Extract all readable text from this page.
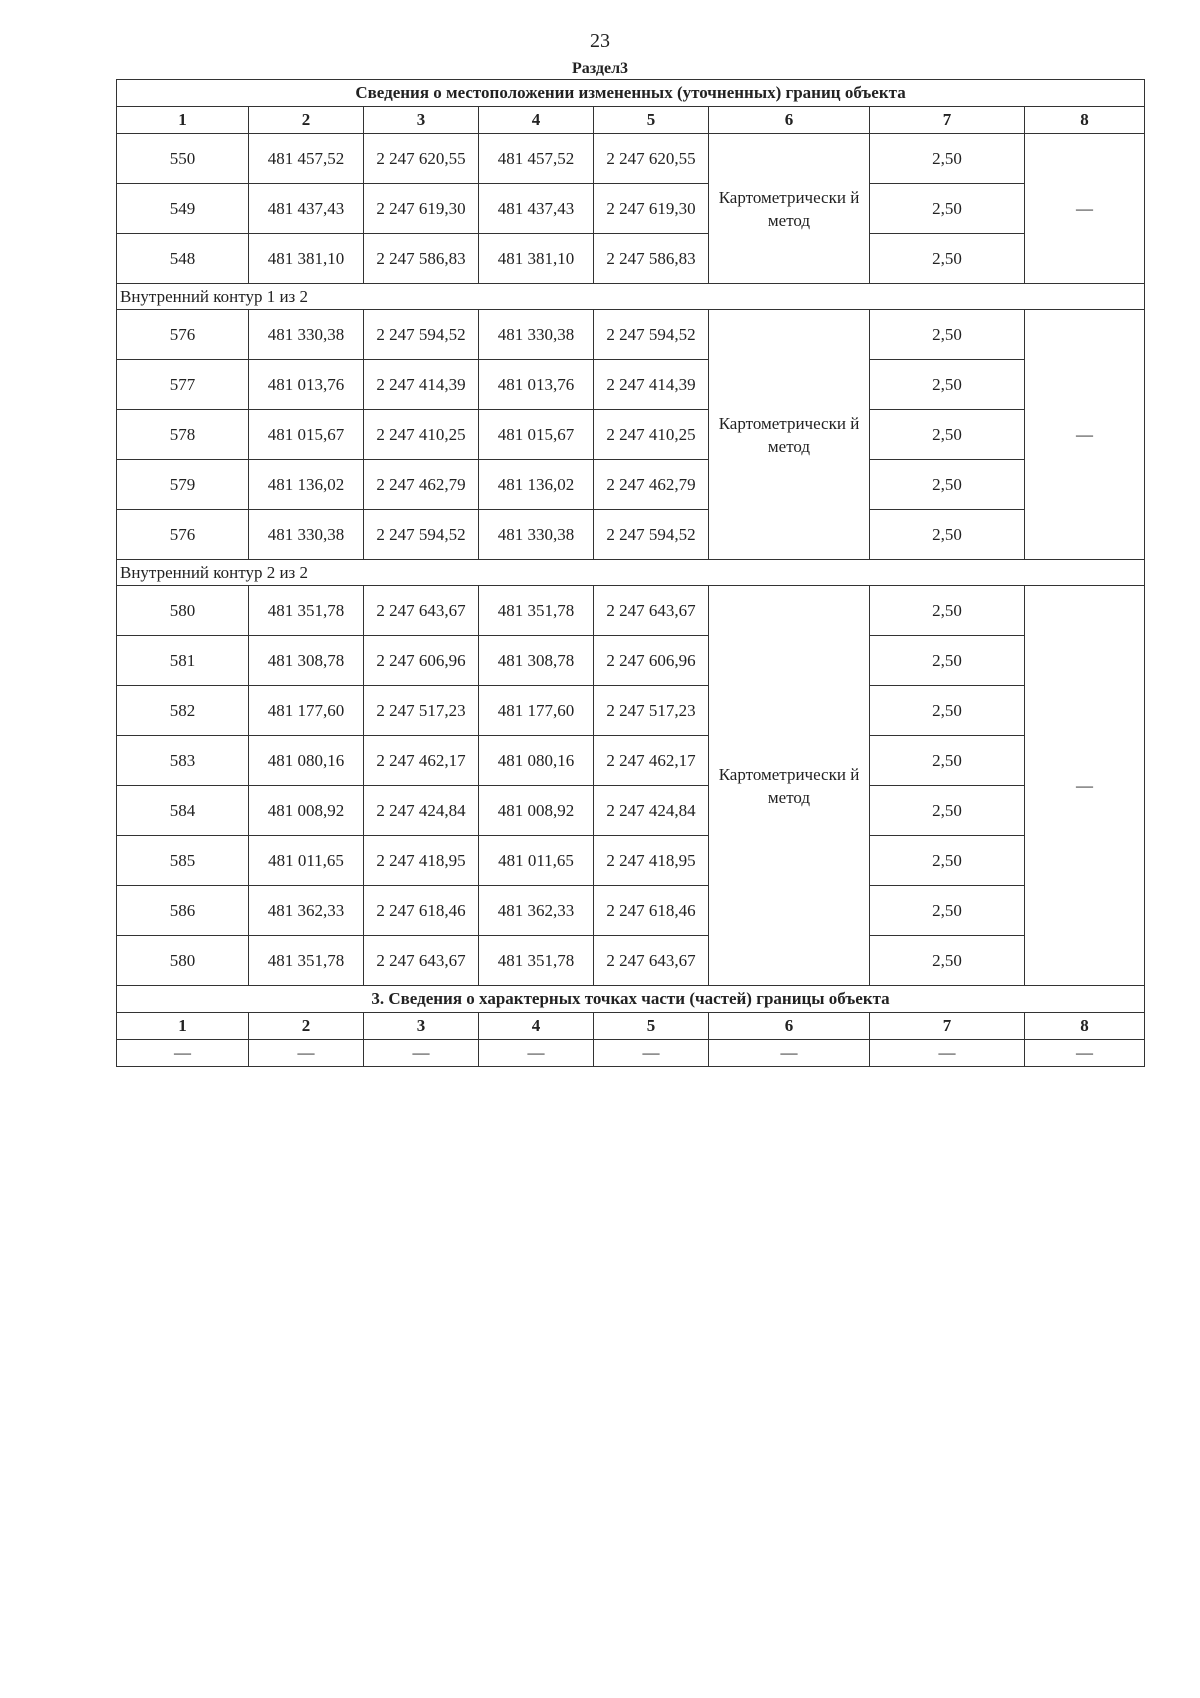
23
Раздел3
Сведения о местоположении измененных (уточненных) границ объекта							
1	2	3	4	5	6	7	8
550	481 457,52	2 247 620,55	481 457,52	2 247 620,55	Картометрически й метод	2,50	—
549	481 437,43	2 247 619,30	481 437,43	2 247 619,30		2,50	
548	481 381,10	2 247 586,83	481 381,10	2 247 586,83		2,50	
Внутренний контур 1 из 2							
576	481 330,38	2 247 594,52	481 330,38	2 247 594,52	Картометрически й метод	2,50	—
577	481 013,76	2 247 414,39	481 013,76	2 247 414,39		2,50	
578	481 015,67	2 247 410,25	481 015,67	2 247 410,25		2,50	
579	481 136,02	2 247 462,79	481 136,02	2 247 462,79		2,50	
576	481 330,38	2 247 594,52	481 330,38	2 247 594,52		2,50	
Внутренний контур 2 из 2							
580	481 351,78	2 247 643,67	481 351,78	2 247 643,67	Картометрически й метод	2,50	—
581	481 308,78	2 247 606,96	481 308,78	2 247 606,96		2,50	
582	481 177,60	2 247 517,23	481 177,60	2 247 517,23		2,50	
583	481 080,16	2 247 462,17	481 080,16	2 247 462,17		2,50	
584	481 008,92	2 247 424,84	481 008,92	2 247 424,84		2,50	
585	481 011,65	2 247 418,95	481 011,65	2 247 418,95		2,50	
586	481 362,33	2 247 618,46	481 362,33	2 247 618,46		2,50	
580	481 351,78	2 247 643,67	481 351,78	2 247 643,67		2,50	
3. Сведения о характерных точках части (частей) границы объекта							
1	2	3	4	5	6	7	8
—	—	—	—	—	—	—	—
